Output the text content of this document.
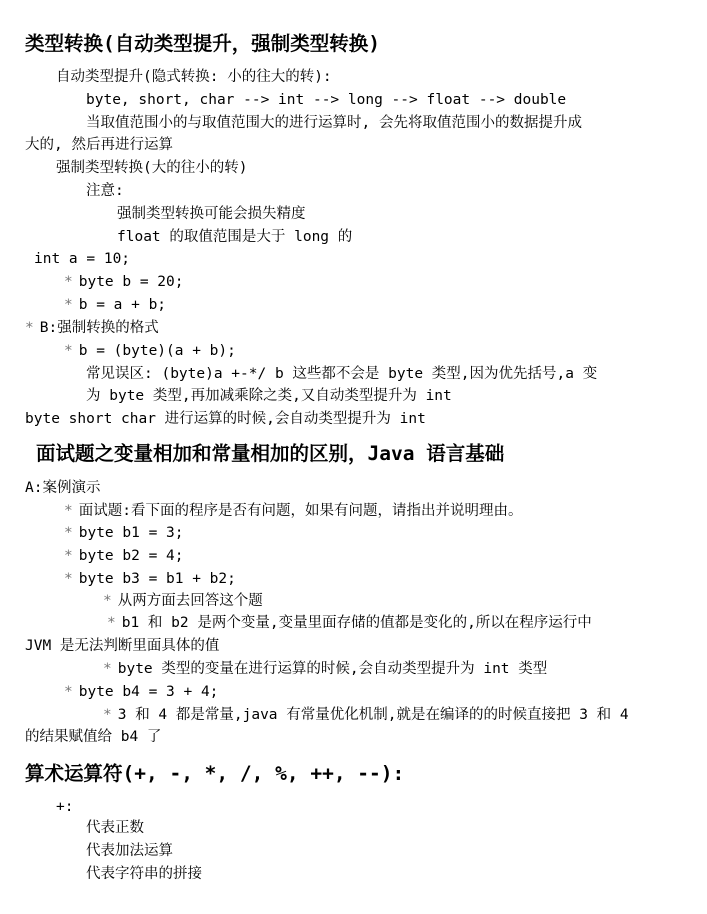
类型转换(自动类型提升，强制类型转换)
自动类型提升(隐式转换: 小的往大的转):
byte, short, char --> int --> long --> float --> double
当取值范围小的与取值范围大的进行运算时, 会先将取值范围小的数据提升成
大的, 然后再进行运算
强制类型转换(大的往小的转)
注意:
强制类型转换可能会损失精度
float 的取值范围是大于 long 的
int a = 10;
* byte b = 20;
* b = a + b;
* B:强制转换的格式
* b = (byte)(a + b);
常见误区: (byte)a +-*/ b 这些都不会是 byte 类型,因为优先括号,a 变
为 byte 类型,再加减乘除之类,又自动类型提升为 int
byte short char 进行运算的时候,会自动类型提升为 int
面试题之变量相加和常量相加的区别，Java 语言基础
A:案例演示
* 面试题:看下面的程序是否有问题，如果有问题，请指出并说明理由。
* byte b1 = 3;
* byte b2 = 4;
* byte b3 = b1 + b2;
* 从两方面去回答这个题
* b1 和 b2 是两个变量,变量里面存储的值都是变化的,所以在程序运行中
JVM 是无法判断里面具体的值
* byte 类型的变量在进行运算的时候,会自动类型提升为 int 类型
* byte b4 = 3 + 4;
* 3 和 4 都是常量,java 有常量优化机制,就是在编译的的时候直接把 3 和 4
的结果赋值给 b4 了
算术运算符(+, -, *, /, %, ++, --):
+:
代表正数
代表加法运算
代表字符串的拼接
